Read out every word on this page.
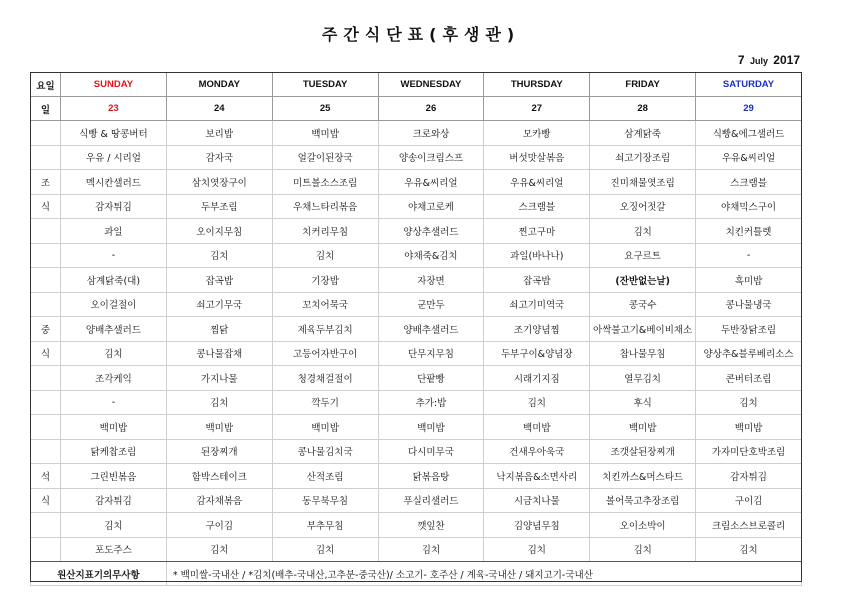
주간식단표(후생관)
7 July 2017
요일	SUNDAY	MONDAY	TUESDAY	WEDNESDAY	THURSDAY	FRIDAY	SATURDAY
일	23	24	25	26	27	28	29
	식빵 & 땅콩버터	보리밥	백미밥	크로와상	모카빵	삼계닭죽	식빵&에그샐러드
	우유 / 시리얼	감자국	얼갈이된장국	양송이크림스프	버섯맛살볶음	쇠고기장조림	우유&씨리얼
조	멕시칸샐러드	삼치엿장구이	미트볼소스조림	우유&씨리얼	우유&씨리얼	진미채물엿조림	스크램블
식	감자튀김	두부조림	우채느타리볶음	야채고로케	스크램블	오징어젓갈	야채믹스구이
	과일	오이지무침	치커리무침	양상추샐러드	찐고구마	김치	치킨커틀렛
	-	김치	김치	야채죽&김치	과일(바나나)	요구르트	-
	삼계닭죽(대)	잡곡밥	기장밥	자장면	잡곡밥	(잔반없는날)	흑미밥
	오이걸절이	쇠고기무국	꼬치어묵국	군만두	쇠고기미역국	콩국수	콩나물냉국
중	양배추샐러드	찜닭	제육두부김치	양배추샐러드	조기양념찜	아싹불고기&베이비채소	두반장닭조림
식	김치	콩나물잡채	고등어자반구이	단무지무침	두부구이&양념장	참나물무침	양상추&블루베리소스
	조각케익	가지나물	청경채걸절이	단팥빵	시래기지짐	열무김치	콘버터조림
	-	김치	깍두기	추가:밥	김치	후식	김치
	백미밥	백미밥	백미밥	백미밥	백미밥	백미밥	백미밥
	닭케찹조림	된장찌개	콩나물김치국	다시미무국	건새우아욱국	조갯살된장찌개	가자미단호박조림
석	그린빈볶음	함박스테이크	산적조림	닭볶음탕	낙지볶음&소면사리	치킨까스&머스타드	감자튀김
식	감자튀김	감자채볶음	동무북무침	푸실리샐러드	시금치나물	볼어묵고추장조림	구이김
	김치	구이김	부추무침	깻잎찬	김양념무침	오이소박이	크림소스브로콜리
	포도주스	김치	김치	김치	김치	김치	김치
원산지표기의무사항		* 백미쌀-국내산 / *김치(배추-국내산,고추분-중국산)/ 소고기- 호주산 / 계육-국내산 / 돼지고기-국내산					
